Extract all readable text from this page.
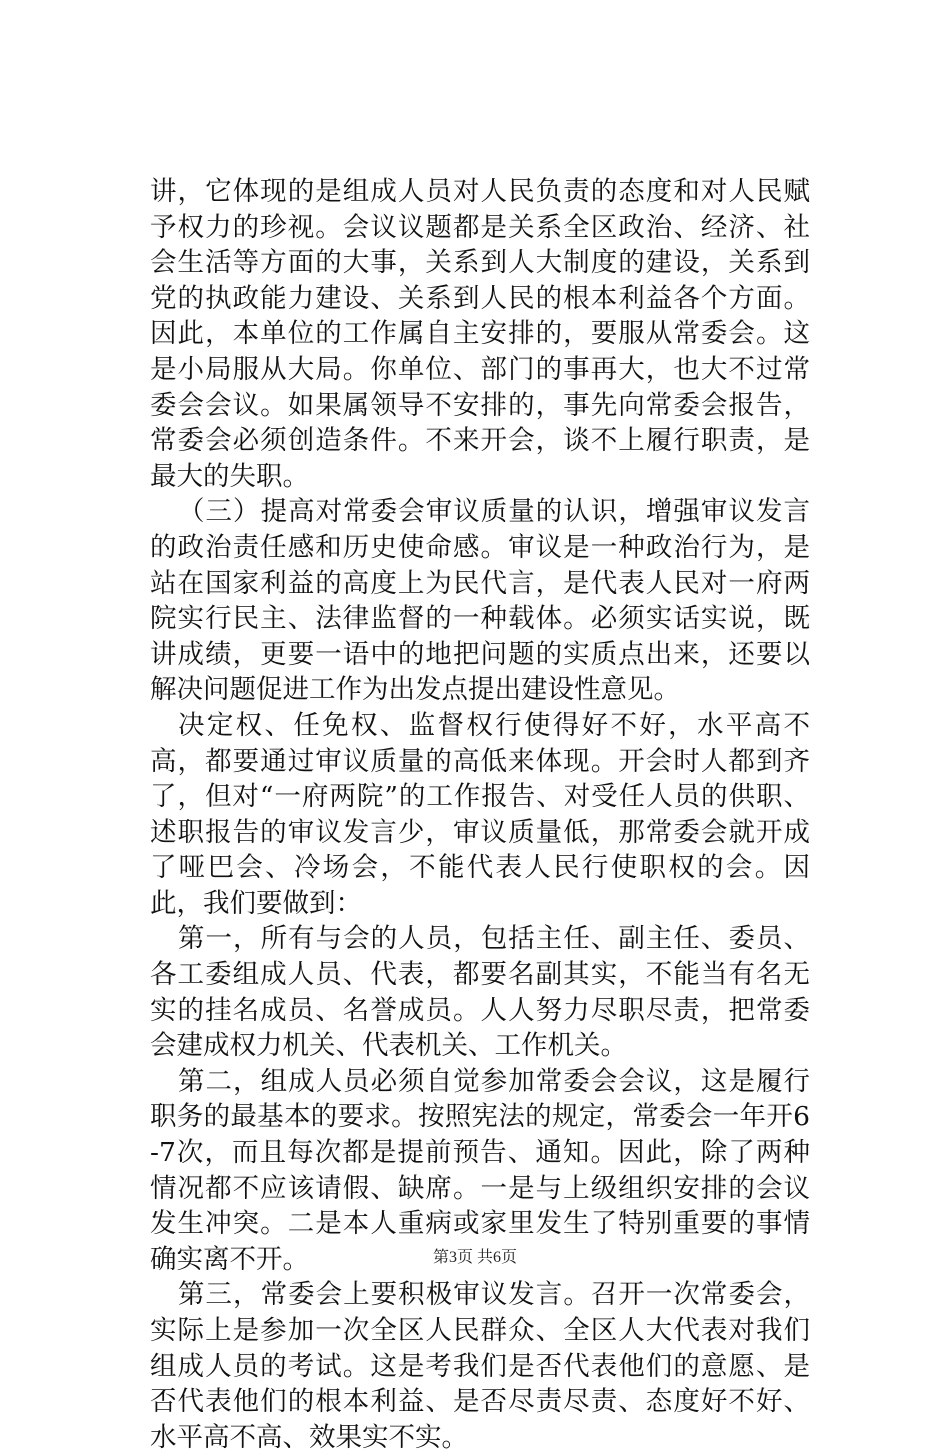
讲，它体现的是组成人员对人民负责的态度和对人民赋予权力的珍视。会议议题都是关系全区政治、经济、社会生活等方面的大事，关系到人大制度的建设，关系到党的执政能力建设、关系到人民的根本利益各个方面。因此，本单位的工作属自主安排的，要服从常委会。这是小局服从大局。你单位、部门的事再大，也大不过常委会会议。如果属领导不安排的，事先向常委会报告，常委会必须创造条件。不来开会，谈不上履行职责，是最大的失职。

（三）提高对常委会审议质量的认识，增强审议发言的政治责任感和历史使命感。审议是一种政治行为，是站在国家利益的高度上为民代言，是代表人民对一府两院实行民主、法律监督的一种载体。必须实话实说，既讲成绩，更要一语中的地把问题的实质点出来，还要以解决问题促进工作为出发点提出建设性意见。

决定权、任免权、监督权行使得好不好，水平高不高，都要通过审议质量的高低来体现。开会时人都到齐了，但对“一府两院”的工作报告、对受任人员的供职、述职报告的审议发言少，审议质量低，那常委会就开成了哑巴会、冷场会，不能代表人民行使职权的会。因此，我们要做到：

第一，所有与会的人员，包括主任、副主任、委员、各工委组成人员、代表，都要名副其实，不能当有名无实的挂名成员、名誉成员。人人努力尽职尽责，把常委会建成权力机关、代表机关、工作机关。

第二，组成人员必须自觉参加常委会会议，这是履行职务的最基本的要求。按照宪法的规定，常委会一年开6-7次，而且每次都是提前预告、通知。因此，除了两种情况都不应该请假、缺席。一是与上级组织安排的会议发生冲突。二是本人重病或家里发生了特别重要的事情确实离不开。

第三，常委会上要积极审议发言。召开一次常委会，实际上是参加一次全区人民群众、全区人大代表对我们组成人员的考试。这是考我们是否代表他们的意愿、是否代表他们的根本利益、是否尽责尽责、态度好不好、水平高不高、效果实不实。

第3页 共6页
